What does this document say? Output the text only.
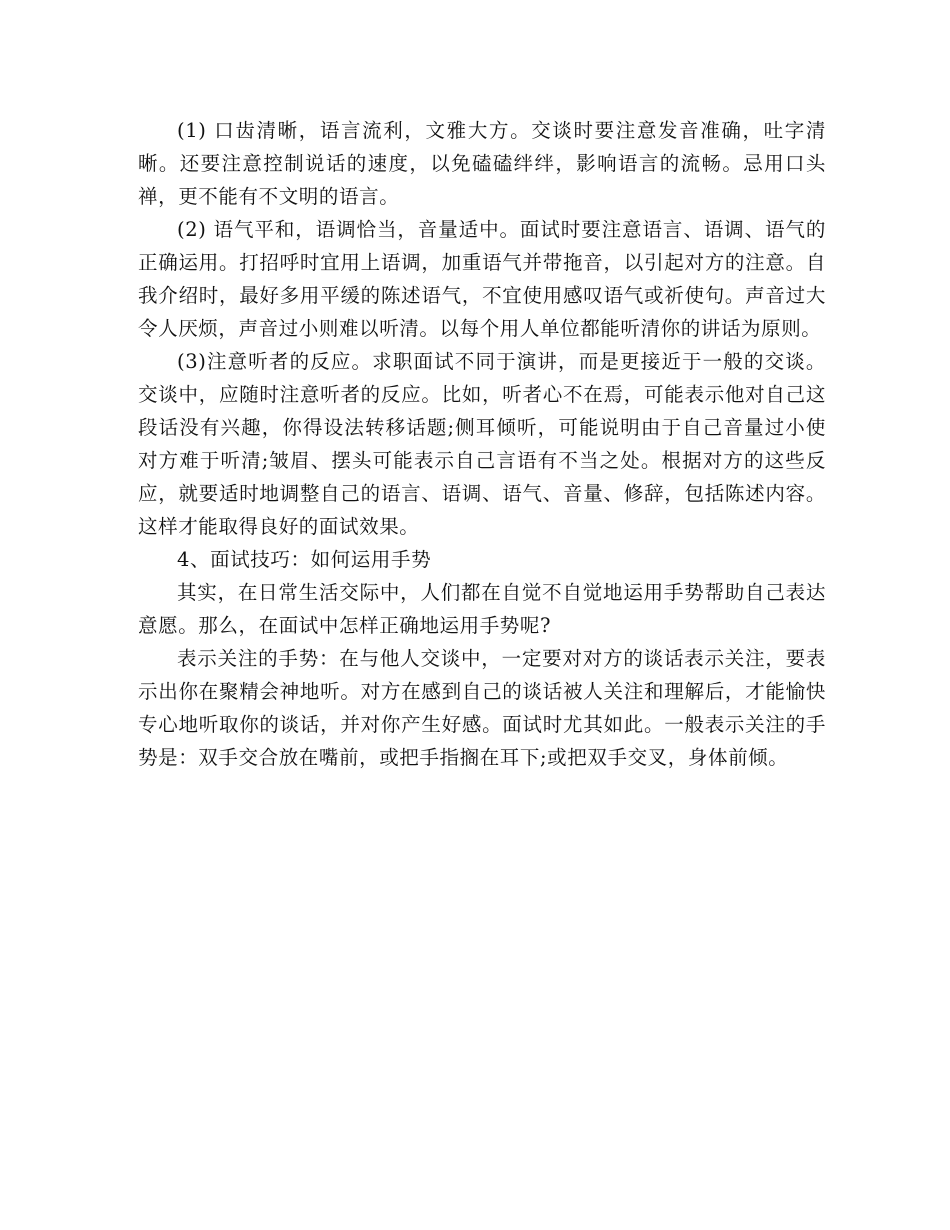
(1) 口齿清晰，语言流利，文雅大方。交谈时要注意发音准确，吐字清晰。还要注意控制说话的速度，以免磕磕绊绊，影响语言的流畅。忌用口头禅，更不能有不文明的语言。

(2) 语气平和，语调恰当，音量适中。面试时要注意语言、语调、语气的正确运用。打招呼时宜用上语调，加重语气并带拖音，以引起对方的注意。自我介绍时，最好多用平缓的陈述语气，不宜使用感叹语气或祈使句。声音过大令人厌烦，声音过小则难以听清。以每个用人单位都能听清你的讲话为原则。

(3)注意听者的反应。求职面试不同于演讲，而是更接近于一般的交谈。交谈中，应随时注意听者的反应。比如，听者心不在焉，可能表示他对自己这段话没有兴趣，你得设法转移话题;侧耳倾听，可能说明由于自己音量过小使对方难于听清;皱眉、摆头可能表示自己言语有不当之处。根据对方的这些反应，就要适时地调整自己的语言、语调、语气、音量、修辞，包括陈述内容。这样才能取得良好的面试效果。

4、面试技巧：如何运用手势

其实，在日常生活交际中，人们都在自觉不自觉地运用手势帮助自己表达意愿。那么，在面试中怎样正确地运用手势呢?

表示关注的手势：在与他人交谈中，一定要对对方的谈话表示关注，要表示出你在聚精会神地听。对方在感到自己的谈话被人关注和理解后，才能愉快专心地听取你的谈话，并对你产生好感。面试时尤其如此。一般表示关注的手势是：双手交合放在嘴前，或把手指搁在耳下;或把双手交叉，身体前倾。
